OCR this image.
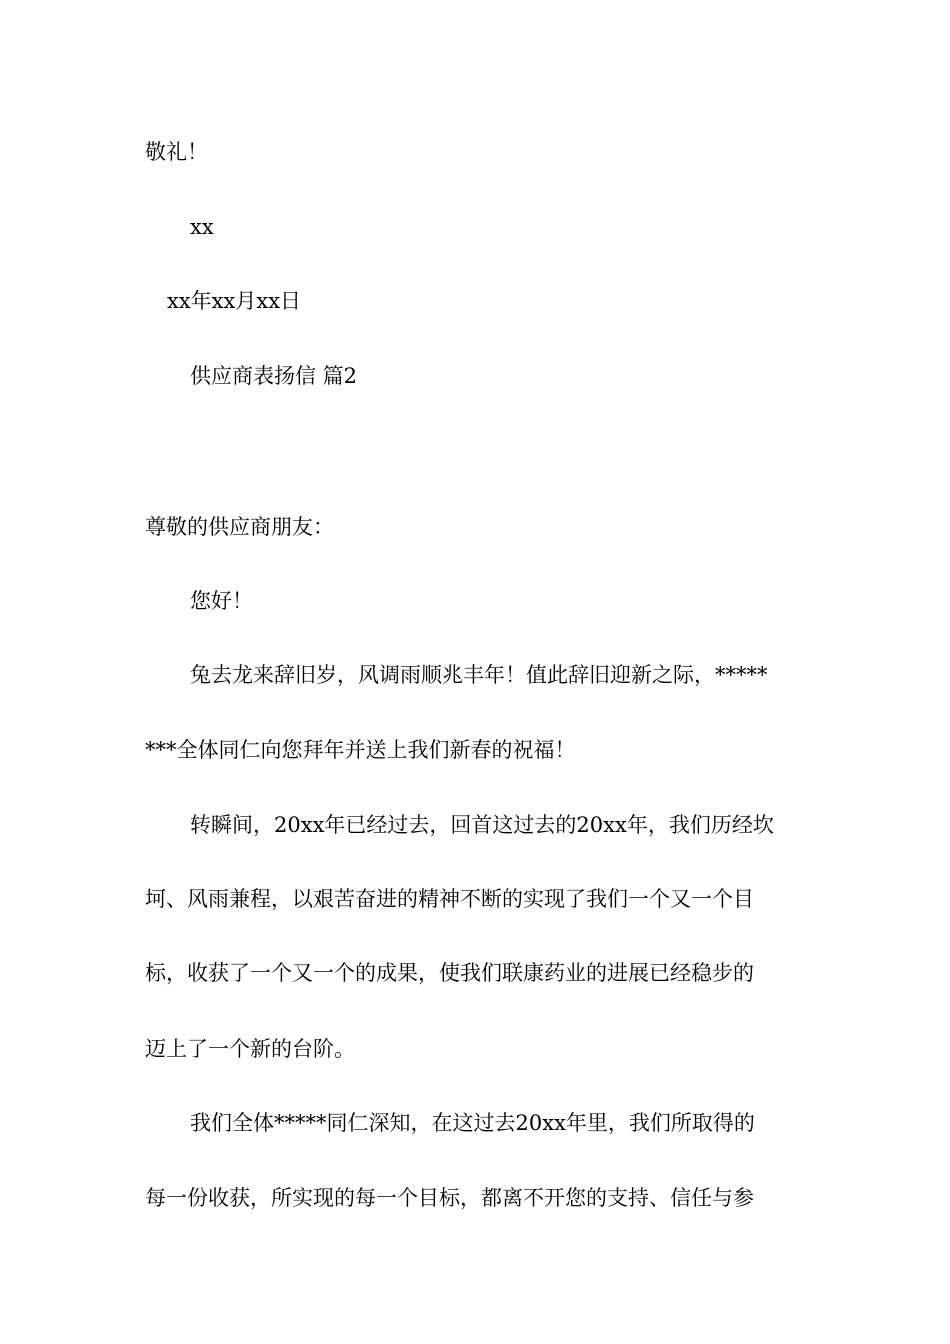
敬礼！
xx
xx年xx月xx日
供应商表扬信 篇2
尊敬的供应商朋友：
您好！
兔去龙来辞旧岁，风调雨顺兆丰年！值此辞旧迎新之际，*****
***全体同仁向您拜年并送上我们新春的祝福！
转瞬间，20xx年已经过去，回首这过去的20xx年，我们历经坎
坷、风雨兼程，以艰苦奋进的精神不断的实现了我们一个又一个目
标，收获了一个又一个的成果，使我们联康药业的进展已经稳步的
迈上了一个新的台阶。
我们全体*****同仁深知，在这过去20xx年里，我们所取得的
每一份收获，所实现的每一个目标，都离不开您的支持、信任与参
